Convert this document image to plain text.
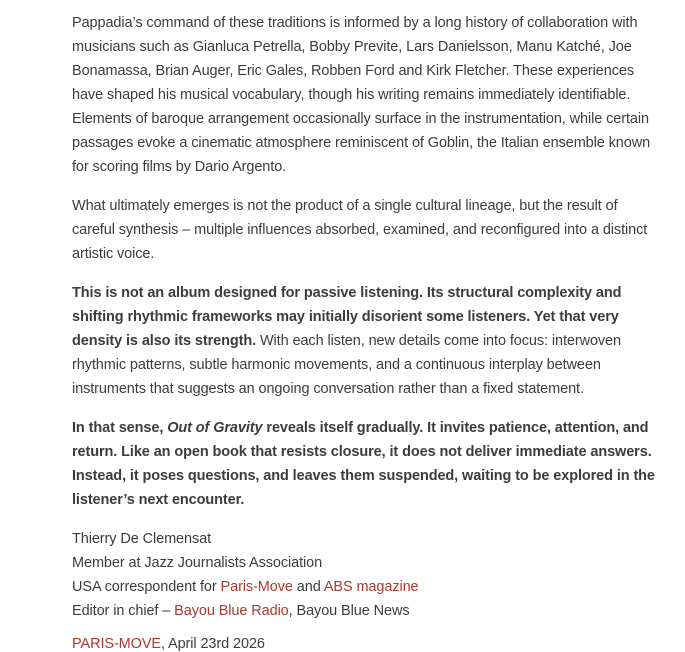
Pappadia’s command of these traditions is informed by a long history of collaboration with musicians such as Gianluca Petrella, Bobby Previte, Lars Danielsson, Manu Katché, Joe Bonamassa, Brian Auger, Eric Gales, Robben Ford and Kirk Fletcher. These experiences have shaped his musical vocabulary, though his writing remains immediately identifiable. Elements of baroque arrangement occasionally surface in the instrumentation, while certain passages evoke a cinematic atmosphere reminiscent of Goblin, the Italian ensemble known for scoring films by Dario Argento.

What ultimately emerges is not the product of a single cultural lineage, but the result of careful synthesis – multiple influences absorbed, examined, and reconfigured into a distinct artistic voice.

This is not an album designed for passive listening. Its structural complexity and shifting rhythmic frameworks may initially disorient some listeners. Yet that very density is also its strength. With each listen, new details come into focus: interwoven rhythmic patterns, subtle harmonic movements, and a continuous interplay between instruments that suggests an ongoing conversation rather than a fixed statement.

In that sense, Out of Gravity reveals itself gradually. It invites patience, attention, and return. Like an open book that resists closure, it does not deliver immediate answers. Instead, it poses questions, and leaves them suspended, waiting to be explored in the listener’s next encounter.

Thierry De Clemensat
Member at Jazz Journalists Association
USA correspondent for Paris-Move and ABS magazine
Editor in chief – Bayou Blue Radio, Bayou Blue News

PARIS-MOVE, April 23rd 2026
